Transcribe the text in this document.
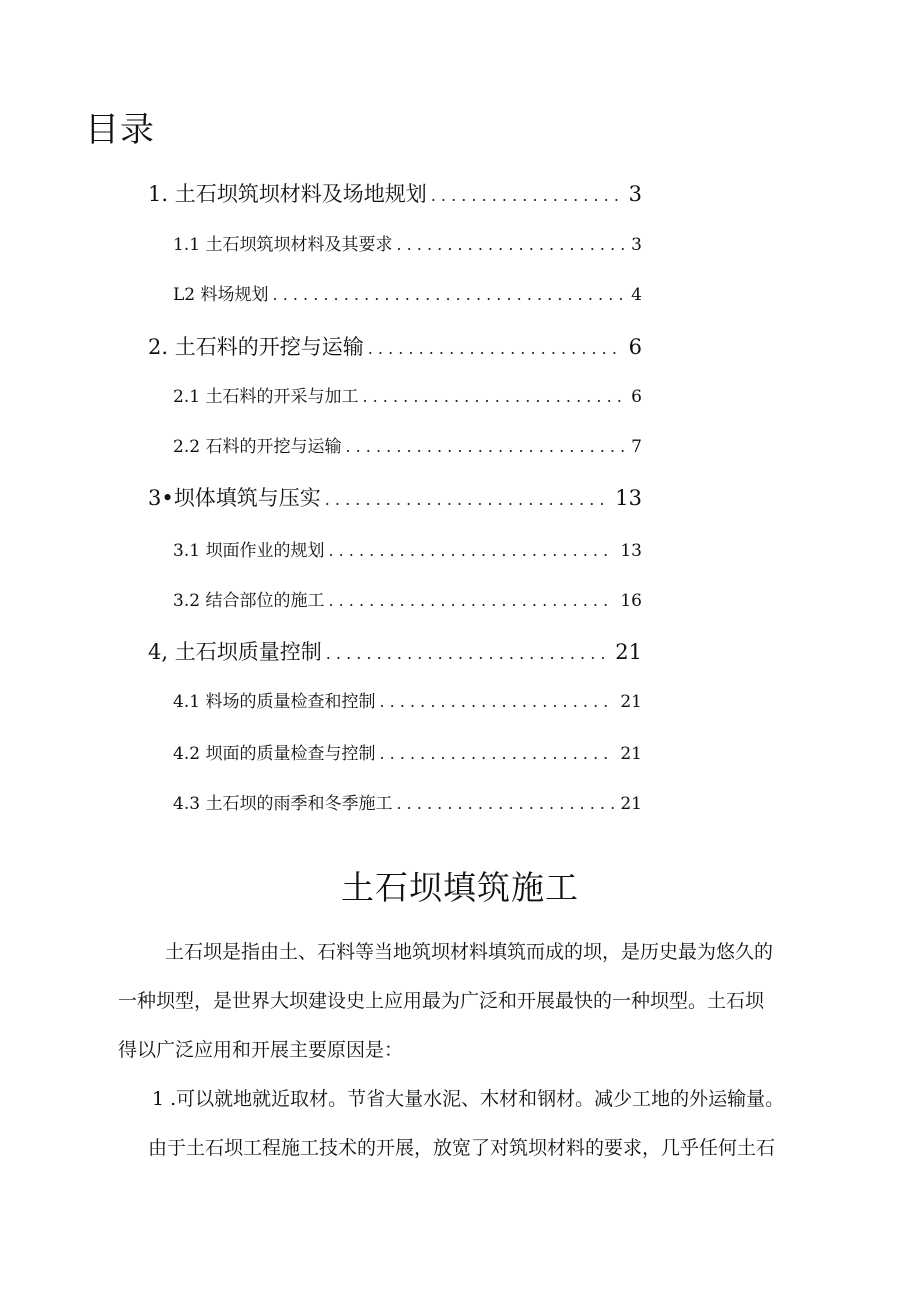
目录
1. 土石坝筑坝材料及场地规划 . . .	3
1.1 土石坝筑坝材料及其要求 . . .	3
L2 料场规划 . . .	4
2. 土石料的开挖与运输 . . .	6
2.1 土石料的开采与加工 . . .	6
2.2 石料的开挖与运输 . . .	7
3•坝体填筑与压实 . . .	13
3.1 坝面作业的规划 . . .	13
3.2 结合部位的施工 . . .	16
4, 土石坝质量控制 . . .	21
4.1 料场的质量检查和控制 . . .	21
4.2 坝面的质量检查与控制 . . .	21
4.3 土石坝的雨季和冬季施工 . . .	21
土石坝填筑施工
土石坝是指由土、石料等当地筑坝材料填筑而成的坝，是历史最为悠久的
一种坝型，是世界大坝建设史上应用最为广泛和开展最快的一种坝型。土石坝
得以广泛应用和开展主要原因是：
1 .可以就地就近取材。节省大量水泥、木材和钢材。减少工地的外运输量。
由于土石坝工程施工技术的开展，放宽了对筑坝材料的要求，几乎任何土石
